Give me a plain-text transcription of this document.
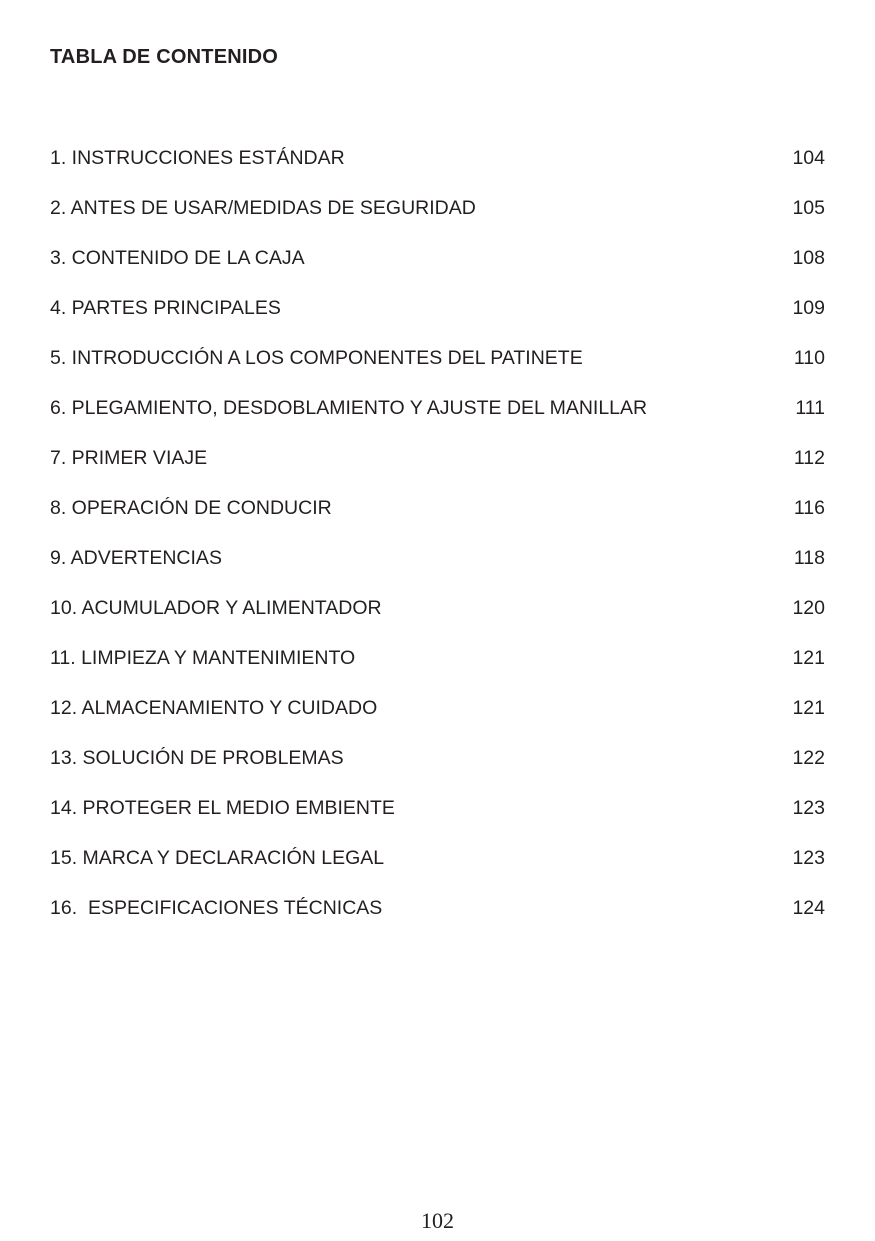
TABLA DE CONTENIDO
1. INSTRUCCIONES ESTÁNDAR	104
2. ANTES DE USAR/MEDIDAS DE SEGURIDAD	105
3. CONTENIDO DE LA CAJA	108
4. PARTES PRINCIPALES	109
5. INTRODUCCIÓN A LOS COMPONENTES DEL PATINETE	110
6. PLEGAMIENTO, DESDOBLAMIENTO Y AJUSTE DEL MANILLAR	111
7. PRIMER VIAJE	112
8. OPERACIÓN DE CONDUCIR	116
9. ADVERTENCIAS	118
10. ACUMULADOR Y ALIMENTADOR	120
11. LIMPIEZA Y MANTENIMIENTO	121
12. ALMACENAMIENTO Y CUIDADO	121
13. SOLUCIÓN DE PROBLEMAS	122
14. PROTEGER EL MEDIO EMBIENTE	123
15. MARCA Y DECLARACIÓN LEGAL	123
16.  ESPECIFICACIONES TÉCNICAS	124
102
